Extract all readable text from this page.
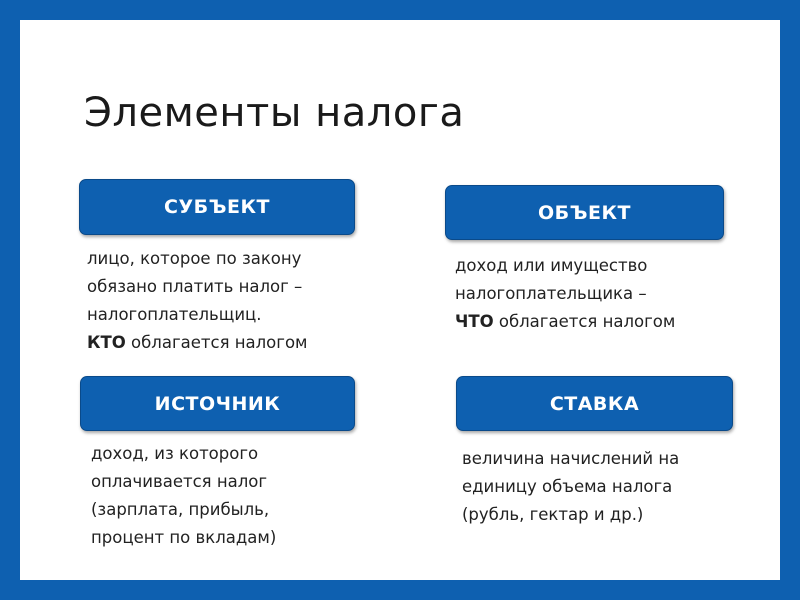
Элементы налога
СУБЪЕКТ
лицо, которое по закону
обязано платить налог –
налогоплательщиц.
КТО облагается налогом
ОБЪЕКТ
доход или имущество
налогоплательщика –
ЧТО облагается налогом
ИСТОЧНИК
доход, из которого
оплачивается налог
(зарплата, прибыль,
процент по вкладам)
СТАВКА
величина начислений на
единицу объема налога
(рубль, гектар и др.)
